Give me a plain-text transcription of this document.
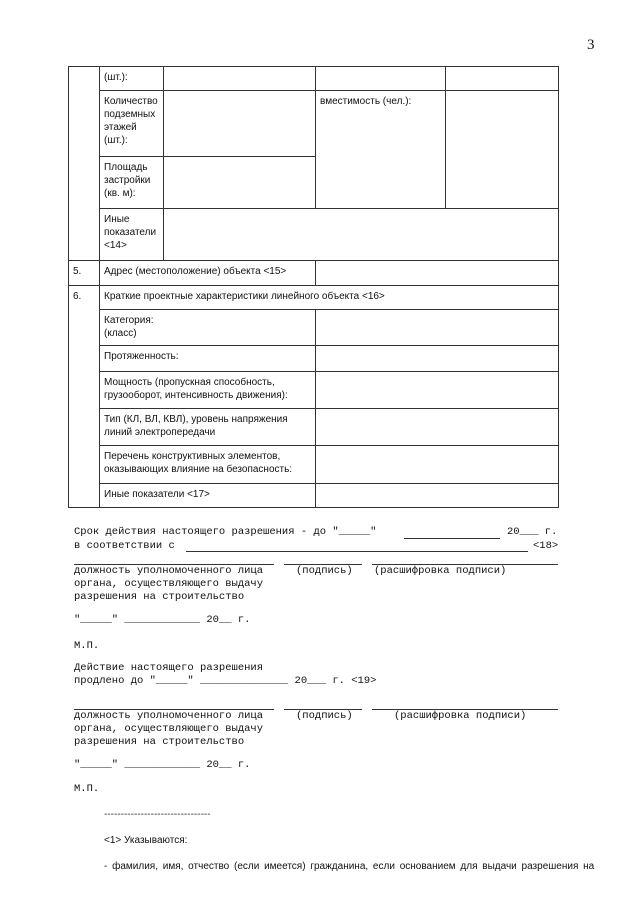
3
	(шт.):			
	Количество
подземных
этажей
(шт.):		вместимость (чел.):	
	Площадь
застройки
(кв. м):			
	Иные
показатели
<14>			
5.	Адрес (местоположение) объекта <15>			
6.	Краткие проектные характеристики линейного объекта <16>			
	Категория:
(класс)			
	Протяженность:			
	Мощность (пропускная способность,
грузооборот, интенсивность движения):			
	Тип (КЛ, ВЛ, КВЛ), уровень напряжения
линий электропередачи			
	Перечень конструктивных элементов,
оказывающих влияние на безопасность:			
	Иные показатели <17>			
Срок действия настоящего разрешения - до "_____"	20___ г.
в соответствии с	<18>
должность уполномоченного лица
органа, осуществляющего выдачу
разрешения на строительство
(подпись) (расшифровка подписи)
"_____" ____________ 20__ г.
М.П.
Действие настоящего разрешения
продлено до "_____" ______________ 20___ г. <19>
должность уполномоченного лица
органа, осуществляющего выдачу
разрешения на строительство
(подпись)	(расшифровка подписи)
"_____" ____________ 20__ г.
М.П.
--------------------------------
<1> Указываются:
- фамилия, имя, отчество (если имеется) гражданина, если основанием для выдачи разрешения на
